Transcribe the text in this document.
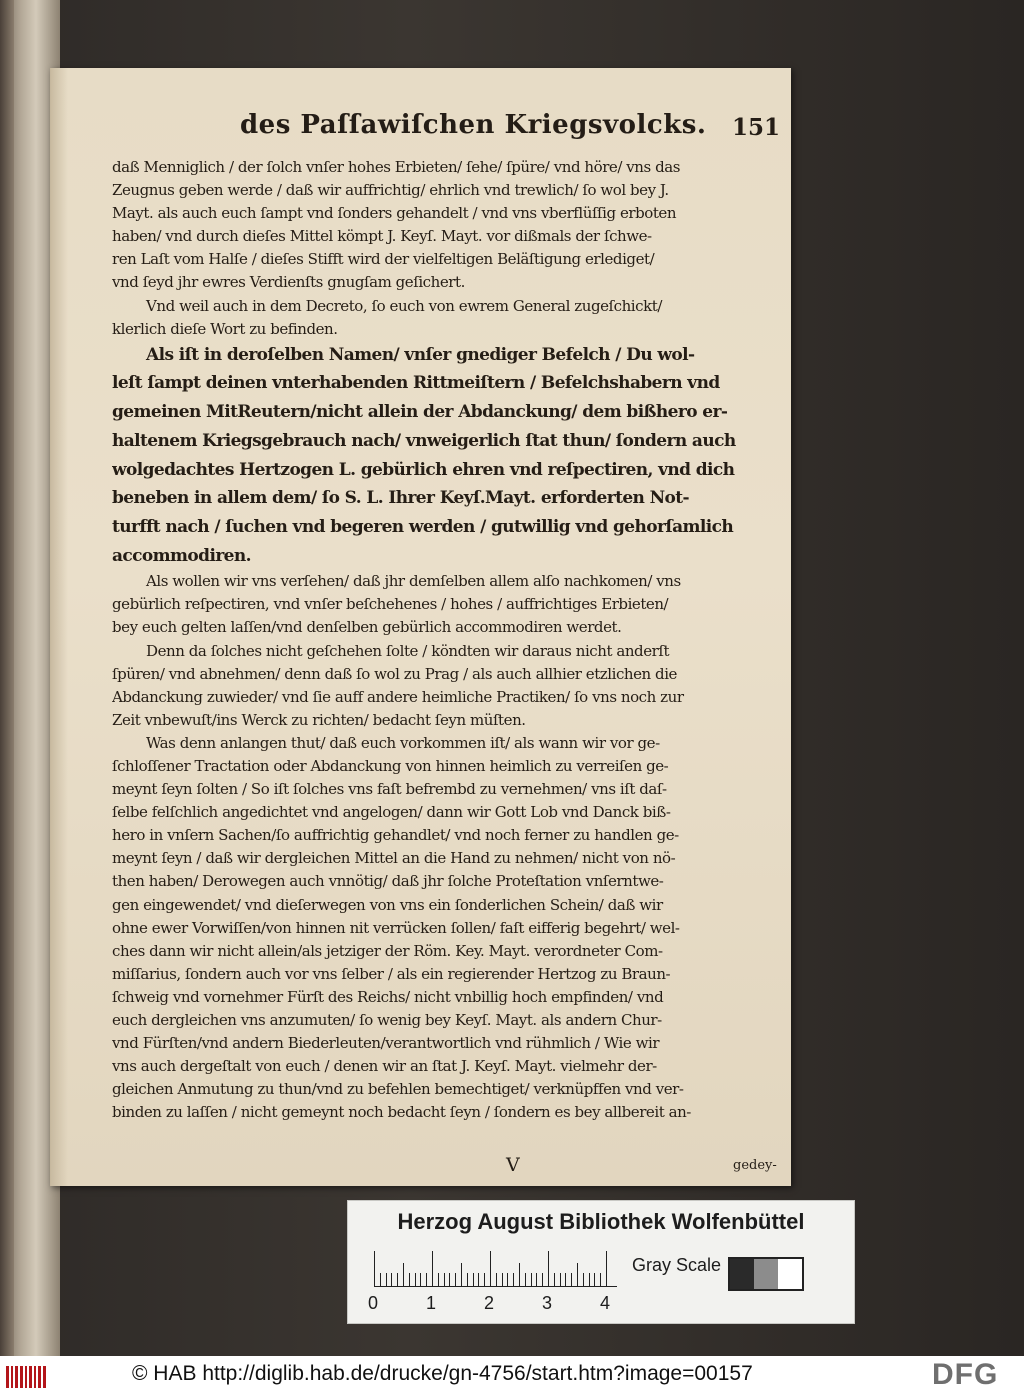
des Paſſawiſchen Kriegsvolcks. 151
daß Menniglich / der ſolch vnſer hohes Erbieten/ ſehe/ ſpüre/ vnd höre/ vns das
Zeugnus geben werde / daß wir auffrichtig/ ehrlich vnd trewlich/ ſo wol bey J.
Mayt. als auch euch ſampt vnd ſonders gehandelt / vnd vns vberflüſſig erboten
haben/ vnd durch dieſes Mittel kömpt J. Keyſ. Mayt. vor dißmals der ſchwe-
ren Laſt vom Halſe / dieſes Stifft wird der vielfeltigen Beläſtigung erlediget/
vnd ſeyd jhr ewres Verdienſts gnugſam geſichert.
Vnd weil auch in dem Decreto, ſo euch von ewrem General zugeſchickt/
klerlich dieſe Wort zu befinden.
Als iſt in deroſelben Namen/ vnſer gnediger Befelch / Du wol-
leſt ſampt deinen vnterhabenden Rittmeiſtern / Befelchshabern vnd
gemeinen MitReutern/nicht allein der Abdanckung/ dem bißhero er-
haltenem Kriegsgebrauch nach/ vnweigerlich ſtat thun/ ſondern auch
wolgedachtes Hertzogen L. gebürlich ehren vnd reſpectiren, vnd dich
beneben in allem dem/ ſo S. L. Ihrer Keyſ.Mayt. erforderten Not-
turfft nach / ſuchen vnd begeren werden / gutwillig vnd gehorſamlich
accommodiren.
Als wollen wir vns verſehen/ daß jhr demſelben allem alſo nachkomen/ vns
gebürlich reſpectiren, vnd vnſer beſchehenes / hohes / auffrichtiges Erbieten/
bey euch gelten laſſen/vnd denſelben gebürlich accommodiren werdet.
Denn da ſolches nicht geſchehen ſolte / köndten wir daraus nicht anderſt
ſpüren/ vnd abnehmen/ denn daß ſo wol zu Prag / als auch allhier etzlichen die
Abdanckung zuwieder/ vnd ſie auff andere heimliche Practiken/ ſo vns noch zur
Zeit vnbewuſt/ins Werck zu richten/ bedacht ſeyn müſten.
Was denn anlangen thut/ daß euch vorkommen iſt/ als wann wir vor ge-
ſchloſſener Tractation oder Abdanckung von hinnen heimlich zu verreiſen ge-
meynt ſeyn ſolten / So iſt ſolches vns faſt befrembd zu vernehmen/ vns iſt daſ-
ſelbe felſchlich angedichtet vnd angelogen/ dann wir Gott Lob vnd Danck biß-
hero in vnſern Sachen/ſo auffrichtig gehandlet/ vnd noch ferner zu handlen ge-
meynt ſeyn / daß wir dergleichen Mittel an die Hand zu nehmen/ nicht von nö-
then haben/ Derowegen auch vnnötig/ daß jhr ſolche Proteſtation vnſerntwe-
gen eingewendet/ vnd dieſerwegen von vns ein ſonderlichen Schein/ daß wir
ohne ewer Vorwiſſen/von hinnen nit verrücken ſollen/ faſt eifferig begehrt/ wel-
ches dann wir nicht allein/als jetziger der Röm. Key. Mayt. verordneter Com-
miſſarius, ſondern auch vor vns ſelber / als ein regierender Hertzog zu Braun-
ſchweig vnd vornehmer Fürſt des Reichs/ nicht vnbillig hoch empfinden/ vnd
euch dergleichen vns anzumuten/ ſo wenig bey Keyſ. Mayt. als andern Chur-
vnd Fürſten/vnd andern Biederleuten/verantwortlich vnd rühmlich / Wie wir
vns auch dergeſtalt von euch / denen wir an ſtat J. Keyſ. Mayt. vielmehr der-
gleichen Anmutung zu thun/vnd zu befehlen bemechtiget/ verknüpffen vnd ver-
binden zu laſſen / nicht gemeynt noch bedacht ſeyn / ſondern es bey allbereit an-
V	gedey-
Herzog August Bibliothek Wolfenbüttel
0	1	2	3	4
Gray Scale
© HAB http://diglib.hab.de/drucke/gn-4756/start.htm?image=00157	DFG
